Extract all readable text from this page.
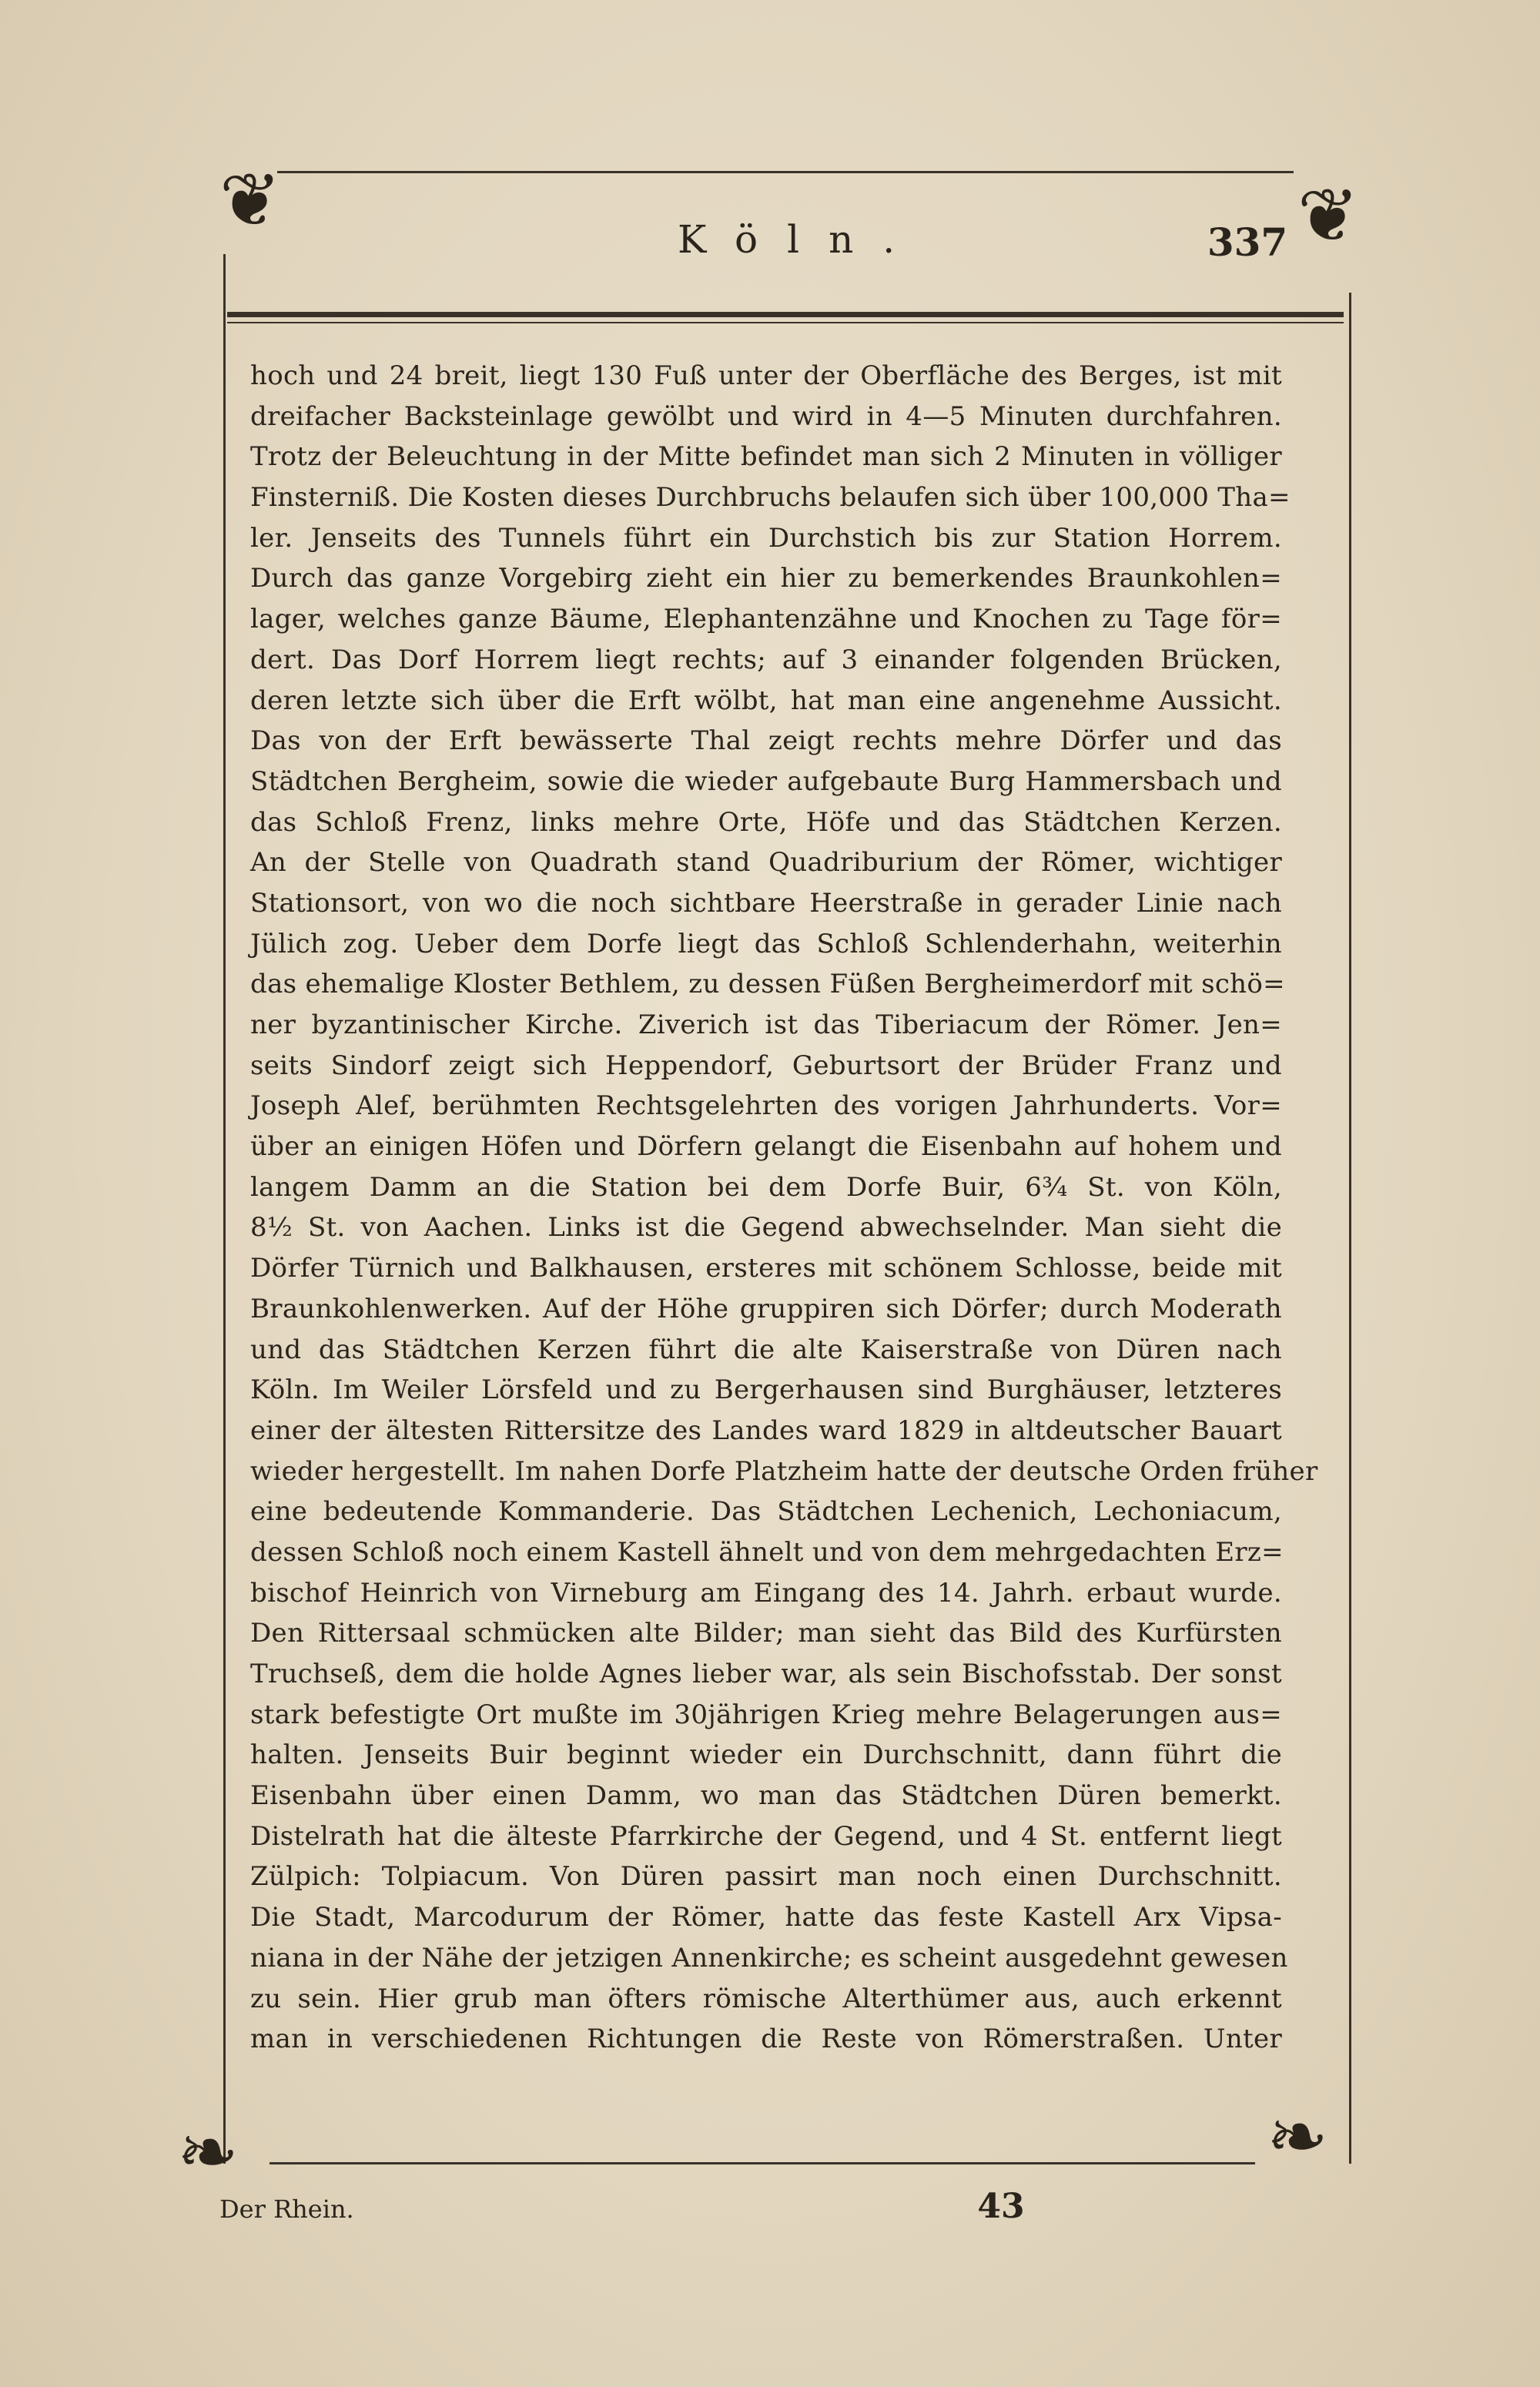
❦	❦
❧	❧
Köln.	337
hoch und 24 breit, liegt 130 Fuß unter der Oberfläche des Berges, ist mit
dreifacher Backsteinlage gewölbt und wird in 4—5 Minuten durchfahren.
Trotz der Beleuchtung in der Mitte befindet man sich 2 Minuten in völliger
Finsterniß. Die Kosten dieses Durchbruchs belaufen sich über 100,000 Tha=
ler. Jenseits des Tunnels führt ein Durchstich bis zur Station Horrem.
Durch das ganze Vorgebirg zieht ein hier zu bemerkendes Braunkohlen=
lager, welches ganze Bäume, Elephantenzähne und Knochen zu Tage för=
dert. Das Dorf Horrem liegt rechts; auf 3 einander folgenden Brücken,
deren letzte sich über die Erft wölbt, hat man eine angenehme Aussicht.
Das von der Erft bewässerte Thal zeigt rechts mehre Dörfer und das
Städtchen Bergheim, sowie die wieder aufgebaute Burg Hammersbach und
das Schloß Frenz, links mehre Orte, Höfe und das Städtchen Kerzen.
An der Stelle von Quadrath stand Quadriburium der Römer, wichtiger
Stationsort, von wo die noch sichtbare Heerstraße in gerader Linie nach
Jülich zog. Ueber dem Dorfe liegt das Schloß Schlenderhahn, weiterhin
das ehemalige Kloster Bethlem, zu dessen Füßen Bergheimerdorf mit schö=
ner byzantinischer Kirche. Ziverich ist das Tiberiacum der Römer. Jen=
seits Sindorf zeigt sich Heppendorf, Geburtsort der Brüder Franz und
Joseph Alef, berühmten Rechtsgelehrten des vorigen Jahrhunderts. Vor=
über an einigen Höfen und Dörfern gelangt die Eisenbahn auf hohem und
langem Damm an die Station bei dem Dorfe Buir, 6¾ St. von Köln,
8½ St. von Aachen. Links ist die Gegend abwechselnder. Man sieht die
Dörfer Türnich und Balkhausen, ersteres mit schönem Schlosse, beide mit
Braunkohlenwerken. Auf der Höhe gruppiren sich Dörfer; durch Moderath
und das Städtchen Kerzen führt die alte Kaiserstraße von Düren nach
Köln. Im Weiler Lörsfeld und zu Bergerhausen sind Burghäuser, letzteres
einer der ältesten Rittersitze des Landes ward 1829 in altdeutscher Bauart
wieder hergestellt. Im nahen Dorfe Platzheim hatte der deutsche Orden früher
eine bedeutende Kommanderie. Das Städtchen Lechenich, Lechoniacum,
dessen Schloß noch einem Kastell ähnelt und von dem mehrgedachten Erz=
bischof Heinrich von Virneburg am Eingang des 14. Jahrh. erbaut wurde.
Den Rittersaal schmücken alte Bilder; man sieht das Bild des Kurfürsten
Truchseß, dem die holde Agnes lieber war, als sein Bischofsstab. Der sonst
stark befestigte Ort mußte im 30jährigen Krieg mehre Belagerungen aus=
halten. Jenseits Buir beginnt wieder ein Durchschnitt, dann führt die
Eisenbahn über einen Damm, wo man das Städtchen Düren bemerkt.
Distelrath hat die älteste Pfarrkirche der Gegend, und 4 St. entfernt liegt
Zülpich: Tolpiacum. Von Düren passirt man noch einen Durchschnitt.
Die Stadt, Marcodurum der Römer, hatte das feste Kastell Arx Vipsa-
niana in der Nähe der jetzigen Annenkirche; es scheint ausgedehnt gewesen
zu sein. Hier grub man öfters römische Alterthümer aus, auch erkennt
man in verschiedenen Richtungen die Reste von Römerstraßen. Unter
Der Rhein.	43
